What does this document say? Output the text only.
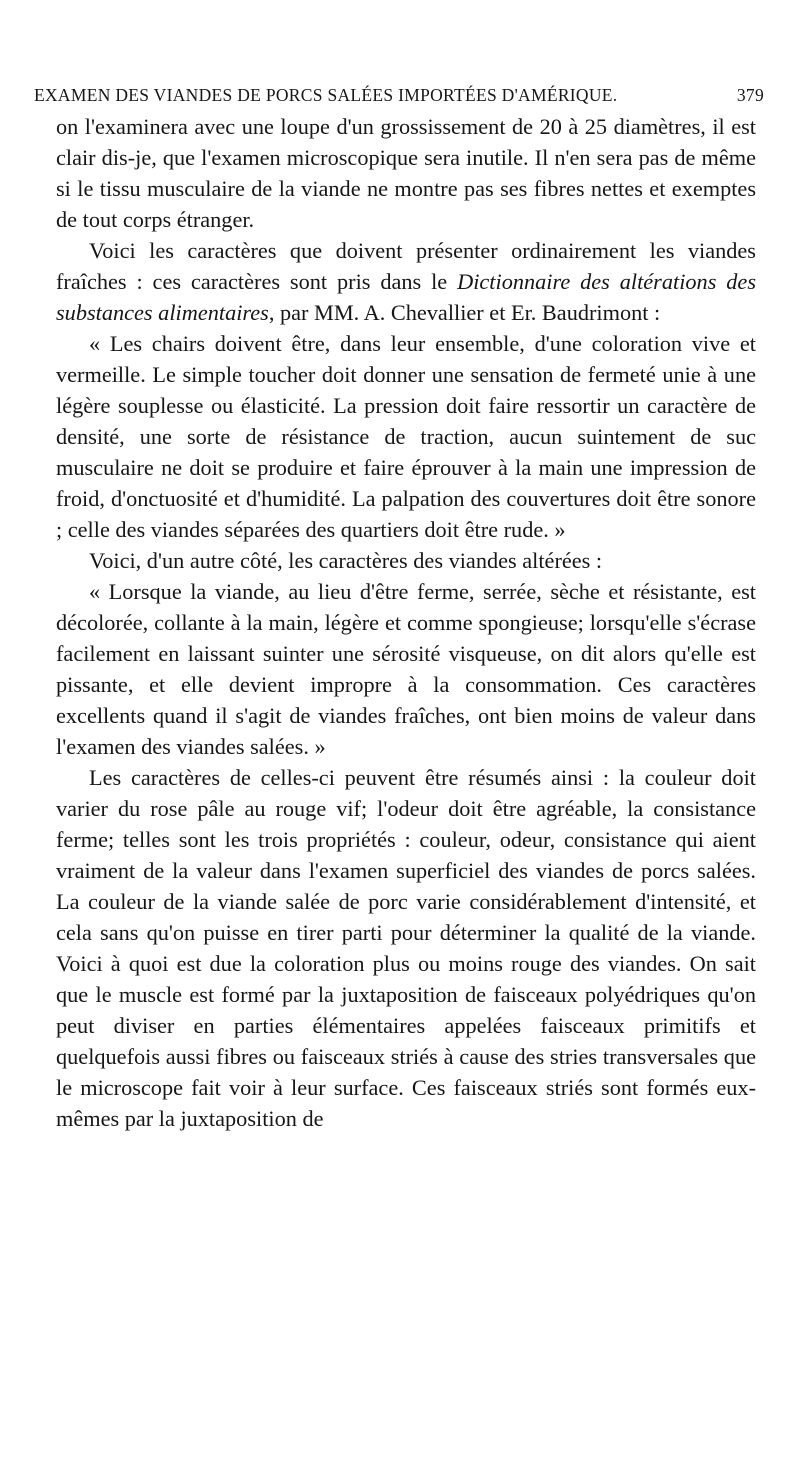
EXAMEN DES VIANDES DE PORCS SALÉES IMPORTÉES D'AMÉRIQUE.	379

on l'examinera avec une loupe d'un grossissement de 20 à 25 diamètres, il est clair dis-je, que l'examen microscopique sera inutile. Il n'en sera pas de même si le tissu musculaire de la viande ne montre pas ses fibres nettes et exemptes de tout corps étranger.

Voici les caractères que doivent présenter ordinairement les viandes fraîches : ces caractères sont pris dans le Dictionnaire des altérations des substances alimentaires, par MM. A. Chevallier et Er. Baudrimont :

« Les chairs doivent être, dans leur ensemble, d'une coloration vive et vermeille. Le simple toucher doit donner une sensation de fermeté unie à une légère souplesse ou élasticité. La pression doit faire ressortir un caractère de densité, une sorte de résistance de traction, aucun suintement de suc musculaire ne doit se produire et faire éprouver à la main une impression de froid, d'onctuosité et d'humidité. La palpation des couvertures doit être sonore ; celle des viandes séparées des quartiers doit être rude. »

Voici, d'un autre côté, les caractères des viandes altérées :

« Lorsque la viande, au lieu d'être ferme, serrée, sèche et résistante, est décolorée, collante à la main, légère et comme spongieuse; lorsqu'elle s'écrase facilement en laissant suinter une sérosité visqueuse, on dit alors qu'elle est pissante, et elle devient impropre à la consommation. Ces caractères excellents quand il s'agit de viandes fraîches, ont bien moins de valeur dans l'examen des viandes salées. »

Les caractères de celles-ci peuvent être résumés ainsi : la couleur doit varier du rose pâle au rouge vif; l'odeur doit être agréable, la consistance ferme; telles sont les trois propriétés : couleur, odeur, consistance qui aient vraiment de la valeur dans l'examen superficiel des viandes de porcs salées. La couleur de la viande salée de porc varie considérablement d'intensité, et cela sans qu'on puisse en tirer parti pour déterminer la qualité de la viande. Voici à quoi est due la coloration plus ou moins rouge des viandes. On sait que le muscle est formé par la juxtaposition de faisceaux polyédriques qu'on peut diviser en parties élémentaires appelées faisceaux primitifs et quelquefois aussi fibres ou faisceaux striés à cause des stries transversales que le microscope fait voir à leur surface. Ces faisceaux striés sont formés eux-mêmes par la juxtaposition de
